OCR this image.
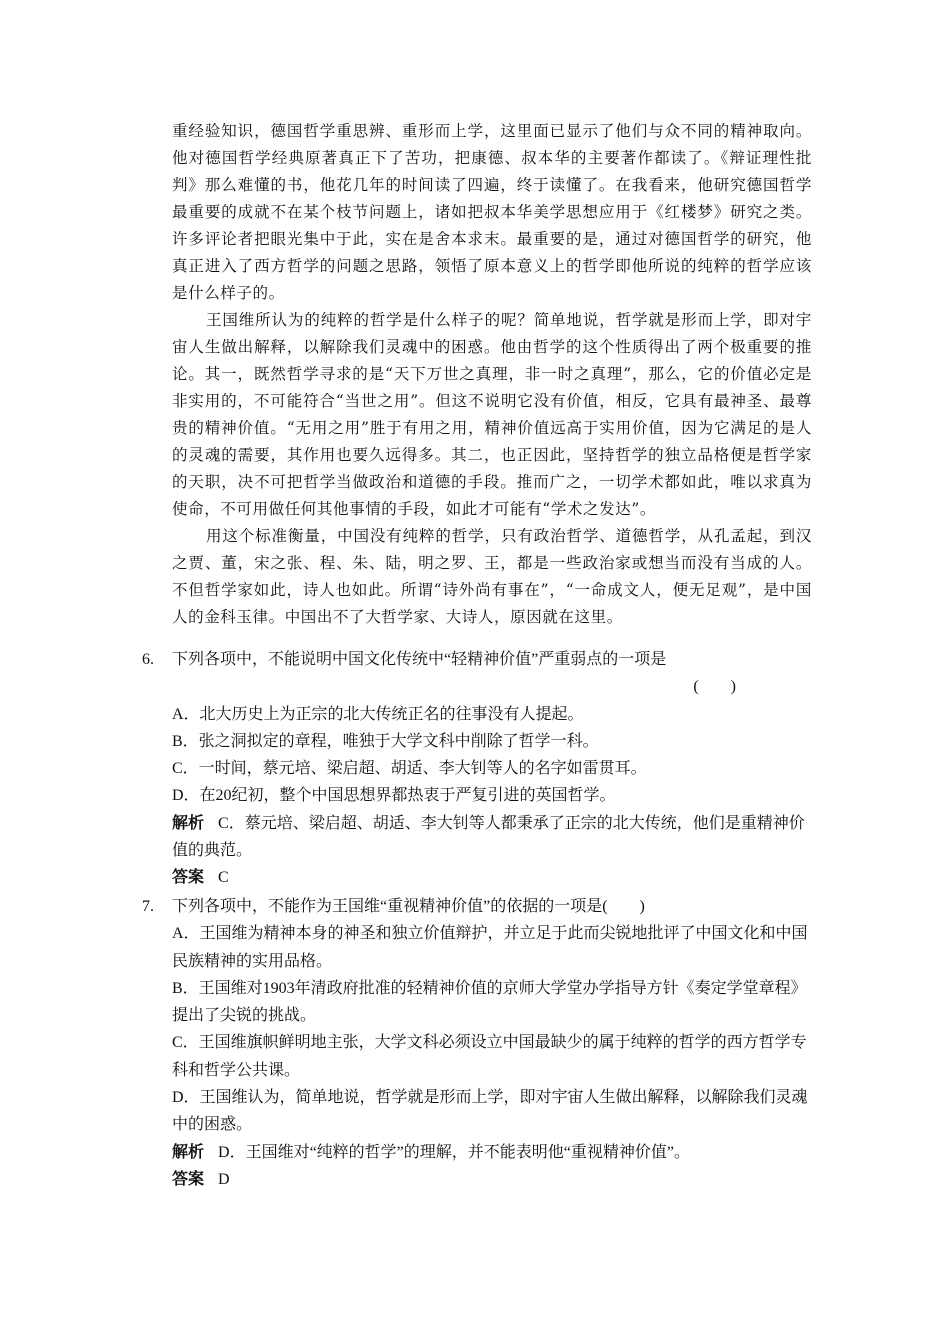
重经验知识，德国哲学重思辨、重形而上学，这里面已显示了他们与众不同的精神取向。他对德国哲学经典原著真正下了苦功，把康德、叔本华的主要著作都读了。《辩证理性批判》那么难懂的书，他花几年的时间读了四遍，终于读懂了。在我看来，他研究德国哲学最重要的成就不在某个枝节问题上，诸如把叔本华美学思想应用于《红楼梦》研究之类。许多评论者把眼光集中于此，实在是舍本求末。最重要的是，通过对德国哲学的研究，他真正进入了西方哲学的问题之思路，领悟了原本意义上的哲学即他所说的纯粹的哲学应该是什么样子的。

王国维所认为的纯粹的哲学是什么样子的呢？简单地说，哲学就是形而上学，即对宇宙人生做出解释，以解除我们灵魂中的困惑。他由哲学的这个性质得出了两个极重要的推论。其一，既然哲学寻求的是“天下万世之真理，非一时之真理”，那么，它的价值必定是非实用的，不可能符合“当世之用”。但这不说明它没有价值，相反，它具有最神圣、最尊贵的精神价值。“无用之用”胜于有用之用，精神价值远高于实用价值，因为它满足的是人的灵魂的需要，其作用也要久远得多。其二，也正因此，坚持哲学的独立品格便是哲学家的天职，决不可把哲学当做政治和道德的手段。推而广之，一切学术都如此，唯以求真为使命，不可用做任何其他事情的手段，如此才可能有“学术之发达”。

用这个标准衡量，中国没有纯粹的哲学，只有政治哲学、道德哲学，从孔孟起，到汉之贾、董，宋之张、程、朱、陆，明之罗、王，都是一些政治家或想当而没有当成的人。不但哲学家如此，诗人也如此。所谓“诗外尚有事在”，“一命成文人，便无足观”，是中国人的金科玉律。中国出不了大哲学家、大诗人，原因就在这里。

6.	下列各项中，不能说明中国文化传统中“轻精神价值”严重弱点的一项是
(　　)
A．北大历史上为正宗的北大传统正名的往事没有人提起。
B．张之洞拟定的章程，唯独于大学文科中削除了哲学一科。
C．一时间，蔡元培、梁启超、胡适、李大钊等人的名字如雷贯耳。
D．在20纪初，整个中国思想界都热衷于严复引进的英国哲学。
解析 C．蔡元培、梁启超、胡适、李大钊等人都秉承了正宗的北大传统，他们是重精神价值的典范。
答案 C
7.	下列各项中，不能作为王国维“重视精神价值”的依据的一项是(　　)
A．王国维为精神本身的神圣和独立价值辩护，并立足于此而尖锐地批评了中国文化和中国民族精神的实用品格。
B．王国维对1903年清政府批准的轻精神价值的京师大学堂办学指导方针《奏定学堂章程》提出了尖锐的挑战。
C．王国维旗帜鲜明地主张，大学文科必须设立中国最缺少的属于纯粹的哲学的西方哲学专科和哲学公共课。
D．王国维认为，简单地说，哲学就是形而上学，即对宇宙人生做出解释，以解除我们灵魂中的困惑。
解析 D．王国维对“纯粹的哲学”的理解，并不能表明他“重视精神价值”。
答案 D
